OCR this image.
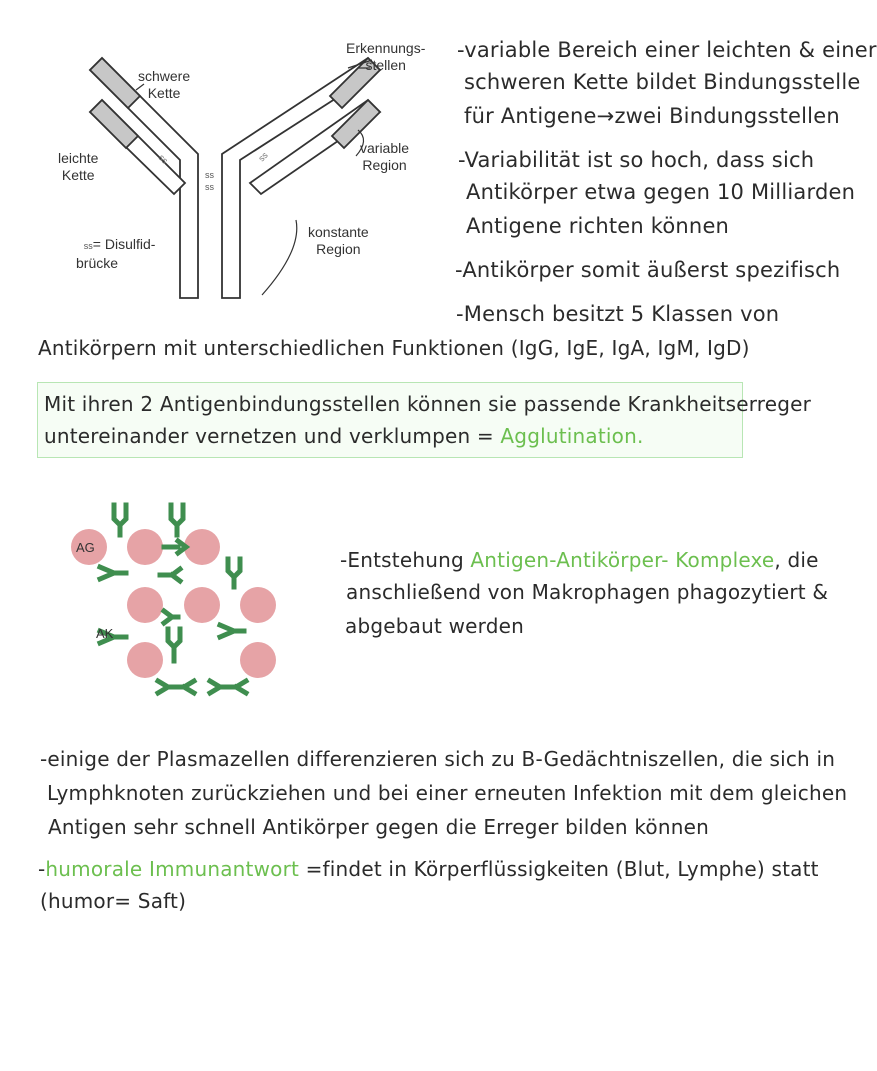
ss
ss
ss	ss
Erkennungs-
stellen
schwere
Kette
leichte
Kette

ss= Disulfid-
brücke

variable
Region
konstante
Region
-variable Bereich einer leichten & einer
schweren Kette bildet Bindungsstelle
für Antigene→zwei Bindungsstellen
-Variabilität ist so hoch, dass sich
Antikörper etwa gegen 10 Milliarden
Antigene richten können
-Antikörper somit äußerst spezifisch
-Mensch besitzt 5 Klassen von
Antikörpern mit unterschiedlichen Funktionen (IgG, IgE, IgA, IgM, IgD)
Mit ihren 2 Antigenbindungsstellen können sie passende Krankheitserreger
untereinander vernetzen und verklumpen = Agglutination.
AG
AK
-Entstehung Antigen-Antikörper- Komplexe, die
anschließend von Makrophagen phagozytiert &
abgebaut werden
-einige der Plasmazellen differenzieren sich zu B-Gedächtniszellen, die sich in
Lymphknoten zurückziehen und bei einer erneuten Infektion mit dem gleichen
Antigen sehr schnell Antikörper gegen die Erreger bilden können
-humorale Immunantwort =findet in Körperflüssigkeiten (Blut, Lymphe) statt
(humor= Saft)
